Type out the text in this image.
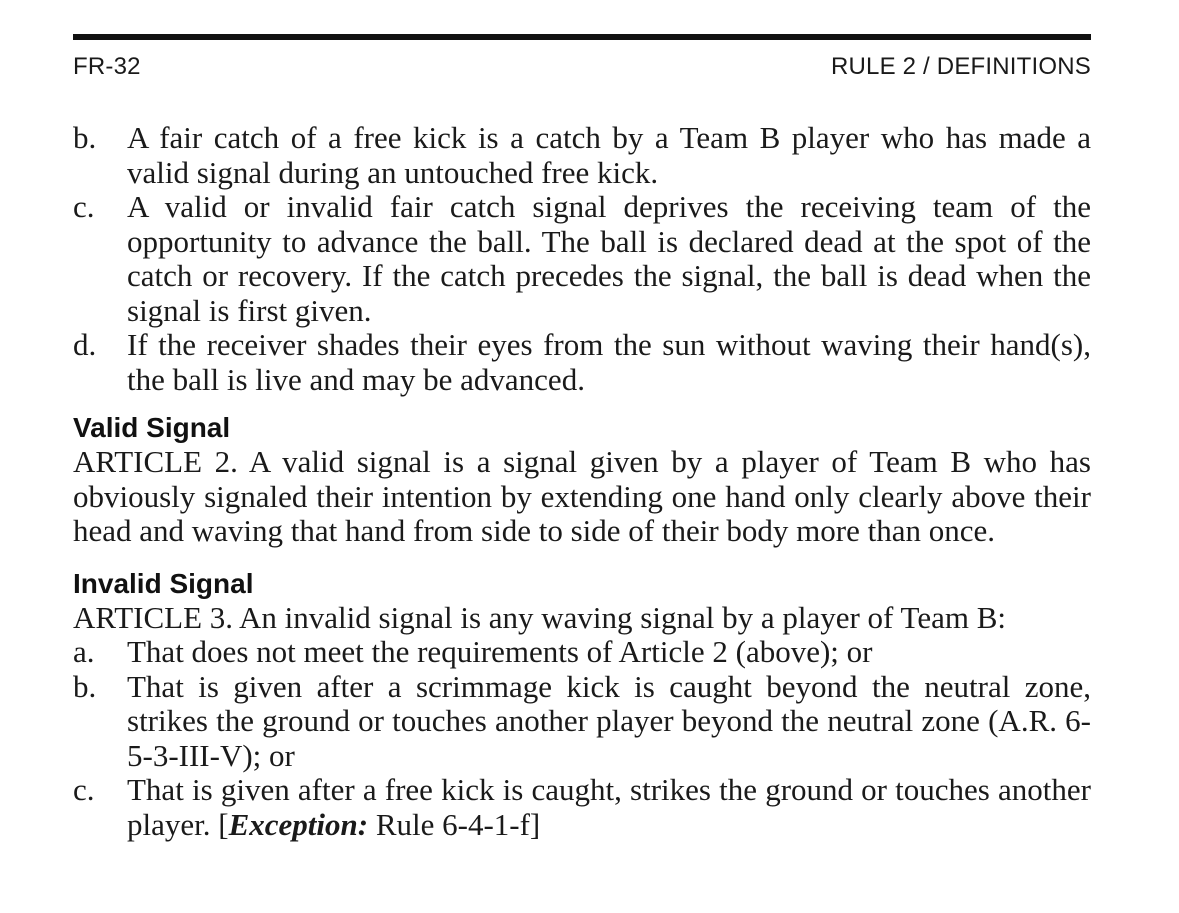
FR-32	RULE 2 / DEFINITIONS
b. A fair catch of a free kick is a catch by a Team B player who has made a valid signal during an untouched free kick.
c. A valid or invalid fair catch signal deprives the receiving team of the opportunity to advance the ball. The ball is declared dead at the spot of the catch or recovery. If the catch precedes the signal, the ball is dead when the signal is first given.
d. If the receiver shades their eyes from the sun without waving their hand(s), the ball is live and may be advanced.
Valid Signal
ARTICLE 2. A valid signal is a signal given by a player of Team B who has obviously signaled their intention by extending one hand only clearly above their head and waving that hand from side to side of their body more than once.
Invalid Signal
ARTICLE 3. An invalid signal is any waving signal by a player of Team B:
a. That does not meet the requirements of Article 2 (above); or
b. That is given after a scrimmage kick is caught beyond the neutral zone, strikes the ground or touches another player beyond the neutral zone (A.R. 6-5-3-III-V); or
c. That is given after a free kick is caught, strikes the ground or touches another player. [Exception: Rule 6-4-1-f]
